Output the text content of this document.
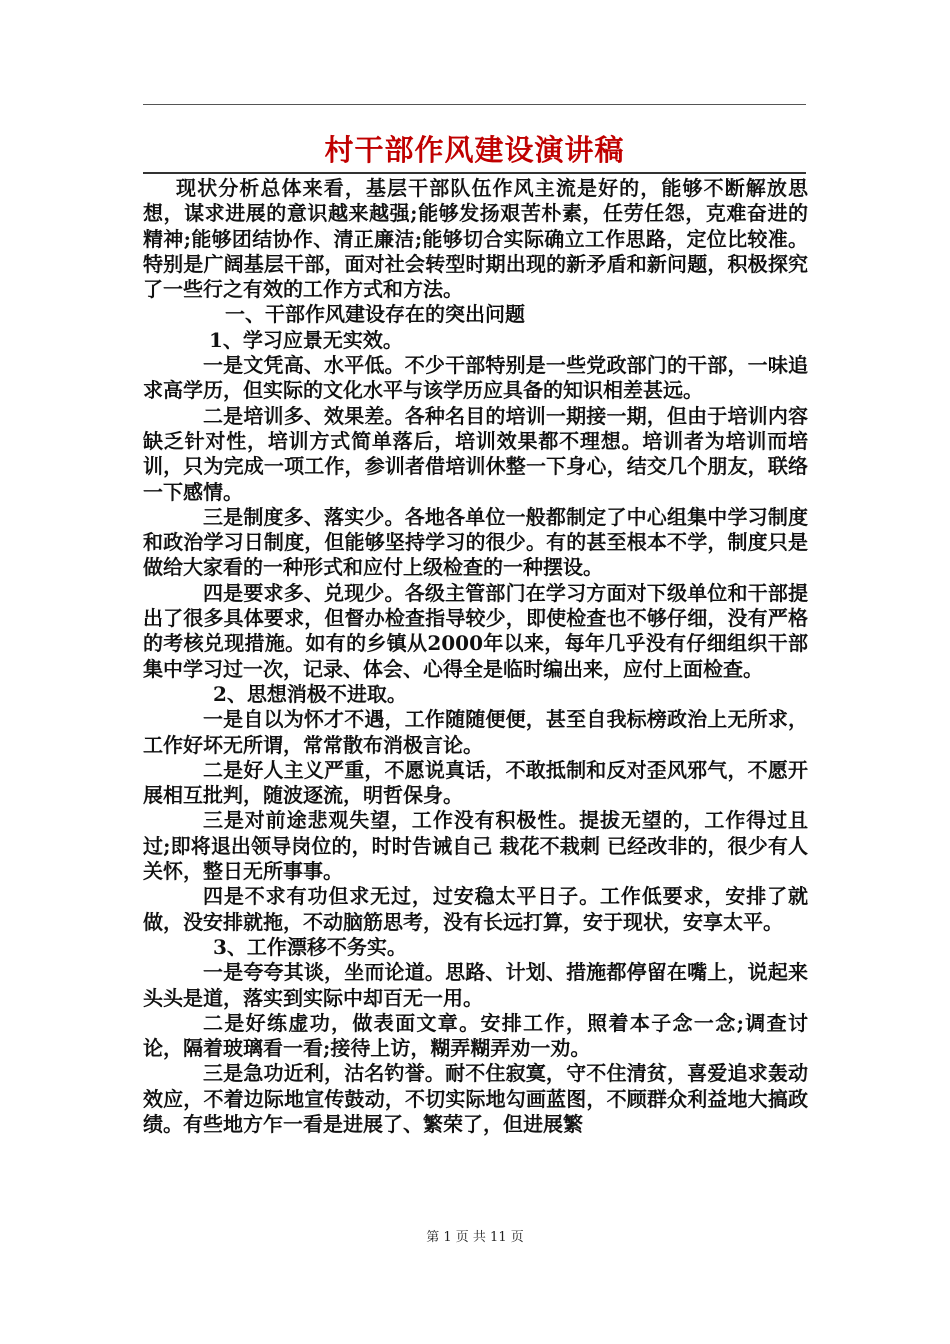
村干部作风建设演讲稿

现状分析总体来看，基层干部队伍作风主流是好的，能够不断解放思想，谋求进展的意识越来越强;能够发扬艰苦朴素，任劳任怨，克难奋进的精神;能够团结协作、清正廉洁;能够切合实际确立工作思路，定位比较准。特别是广阔基层干部，面对社会转型时期出现的新矛盾和新问题，积极探究了一些行之有效的工作方式和方法。

一、干部作风建设存在的突出问题

1、学习应景无实效。

一是文凭高、水平低。不少干部特别是一些党政部门的干部，一味追求高学历，但实际的文化水平与该学历应具备的知识相差甚远。

二是培训多、效果差。各种名目的培训一期接一期，但由于培训内容缺乏针对性，培训方式简单落后，培训效果都不理想。培训者为培训而培训，只为完成一项工作，参训者借培训休整一下身心，结交几个朋友，联络一下感情。

三是制度多、落实少。各地各单位一般都制定了中心组集中学习制度和政治学习日制度，但能够坚持学习的很少。有的甚至根本不学，制度只是做给大家看的一种形式和应付上级检查的一种摆设。

四是要求多、兑现少。各级主管部门在学习方面对下级单位和干部提出了很多具体要求，但督办检查指导较少，即使检查也不够仔细，没有严格的考核兑现措施。如有的乡镇从2000年以来，每年几乎没有仔细组织干部集中学习过一次，记录、体会、心得全是临时编出来，应付上面检查。

2、思想消极不进取。

一是自以为怀才不遇，工作随随便便，甚至自我标榜政治上无所求，工作好坏无所谓，常常散布消极言论。

二是好人主义严重，不愿说真话，不敢抵制和反对歪风邪气，不愿开展相互批判，随波逐流，明哲保身。

三是对前途悲观失望，工作没有积极性。提拔无望的，工作得过且过;即将退出领导岗位的，时时告诫自己 栽花不栽刺 已经改非的，很少有人关怀，整日无所事事。

四是不求有功但求无过，过安稳太平日子。工作低要求，安排了就做，没安排就拖，不动脑筋思考，没有长远打算，安于现状，安享太平。

3、工作漂移不务实。

一是夸夸其谈，坐而论道。思路、计划、措施都停留在嘴上，说起来头头是道，落实到实际中却百无一用。

二是好练虚功，做表面文章。安排工作，照着本子念一念;调查讨论，隔着玻璃看一看;接待上访，糊弄糊弄劝一劝。

三是急功近利，沽名钓誉。耐不住寂寞，守不住清贫，喜爱追求轰动效应，不着边际地宣传鼓动，不切实际地勾画蓝图，不顾群众利益地大搞政绩。有些地方乍一看是进展了、繁荣了，但进展繁

第 1 页 共 11 页
